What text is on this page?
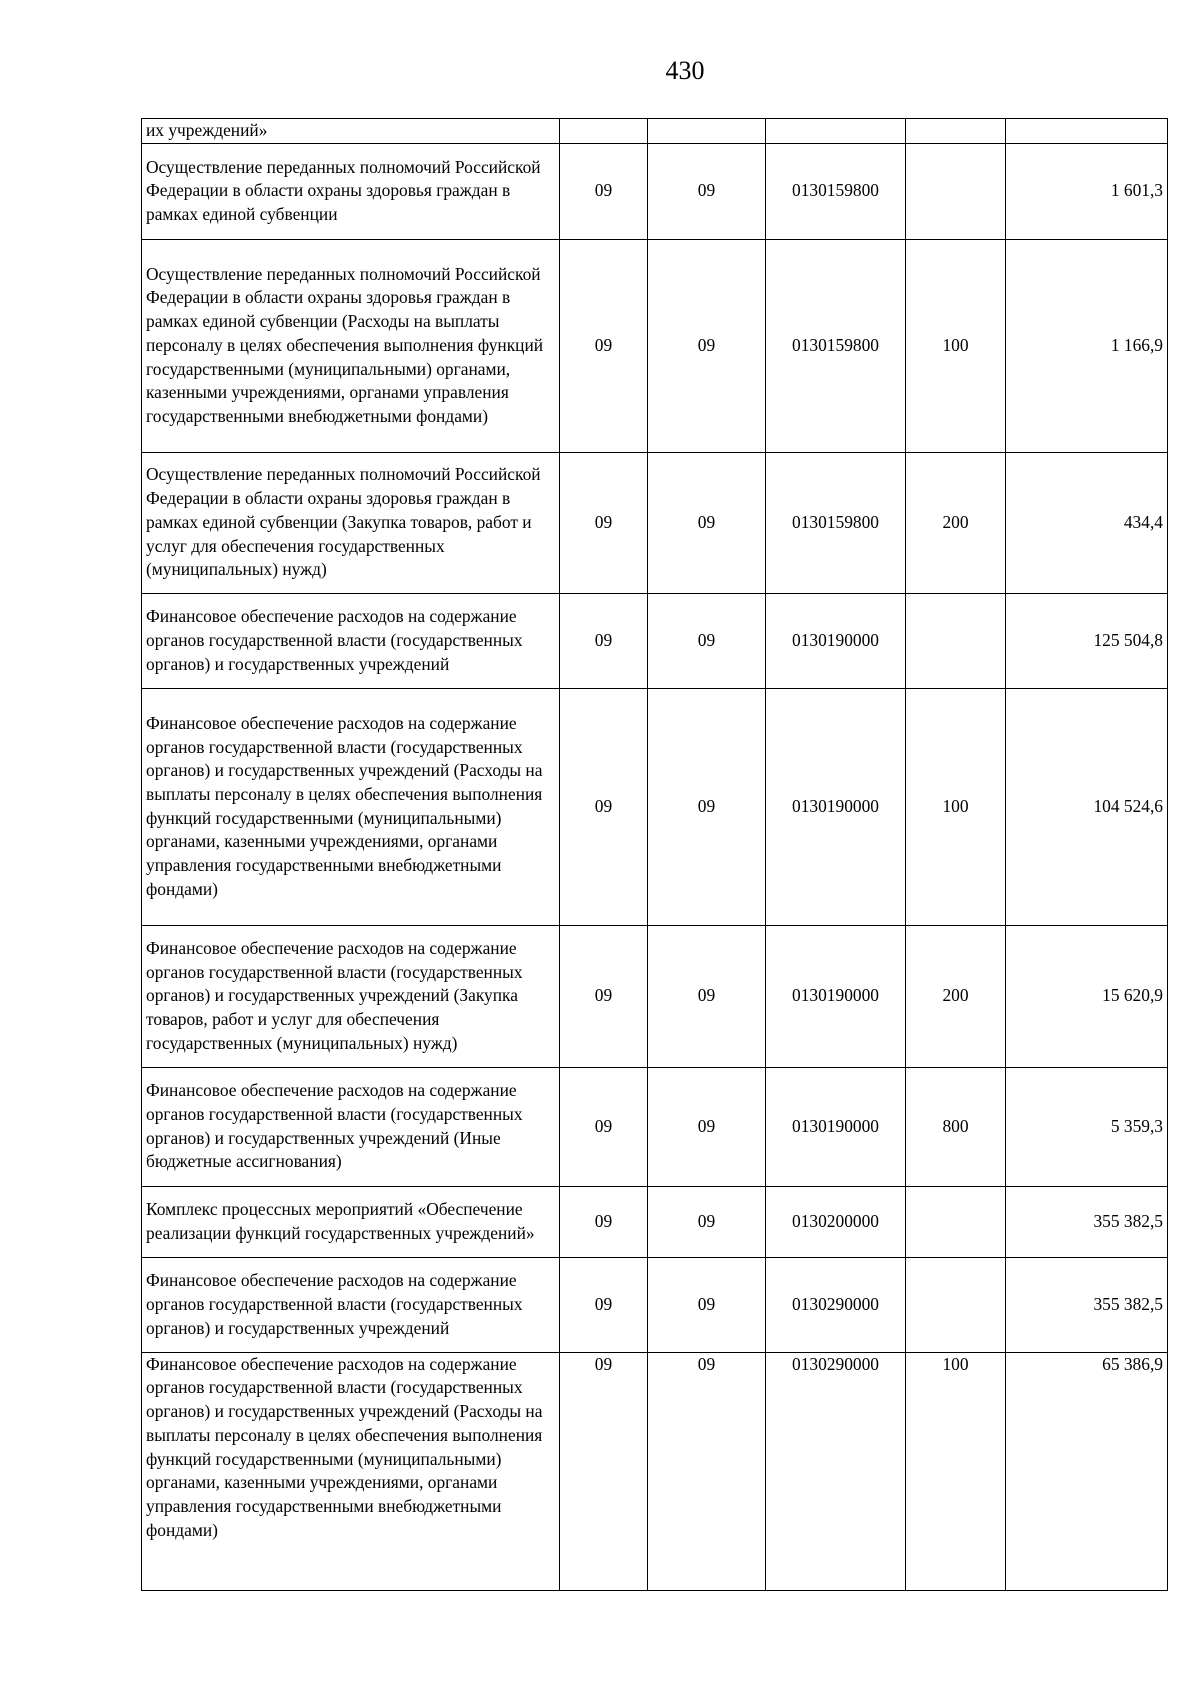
430
их учреждений»					
Осуществление переданных полномочий Российской Федерации в области охраны здоровья граждан в рамках единой субвенции	09	09	0130159800		1 601,3
Осуществление переданных полномочий Российской Федерации в области охраны здоровья граждан в рамках единой субвенции (Расходы на выплаты персоналу в целях обеспечения выполнения функций государственными (муниципальными) органами, казенными учреждениями, органами управления государственными внебюджетными фондами)	09	09	0130159800	100	1 166,9
Осуществление переданных полномочий Российской Федерации в области охраны здоровья граждан в рамках единой субвенции (Закупка товаров, работ и услуг для обеспечения государственных (муниципальных) нужд)	09	09	0130159800	200	434,4
Финансовое обеспечение расходов на содержание органов государственной власти (государственных органов) и государственных учреждений	09	09	0130190000		125 504,8
Финансовое обеспечение расходов на содержание органов государственной власти (государственных органов) и государственных учреждений (Расходы на выплаты персоналу в целях обеспечения выполнения функций государственными (муниципальными) органами, казенными учреждениями, органами управления государственными внебюджетными фондами)	09	09	0130190000	100	104 524,6
Финансовое обеспечение расходов на содержание органов государственной власти (государственных органов) и государственных учреждений (Закупка товаров, работ и услуг для обеспечения государственных (муниципальных) нужд)	09	09	0130190000	200	15 620,9
Финансовое обеспечение расходов на содержание органов государственной власти (государственных органов) и государственных учреждений (Иные бюджетные ассигнования)	09	09	0130190000	800	5 359,3
Комплекс процессных мероприятий «Обеспечение реализации функций государственных учреждений»	09	09	0130200000		355 382,5
Финансовое обеспечение расходов на содержание органов государственной власти (государственных органов) и государственных учреждений	09	09	0130290000		355 382,5
Финансовое обеспечение расходов на содержание органов государственной власти (государственных органов) и государственных учреждений (Расходы на выплаты персоналу в целях обеспечения выполнения функций государственными (муниципальными) органами, казенными учреждениями, органами управления государственными внебюджетными фондами)	09	09	0130290000	100	65 386,9
